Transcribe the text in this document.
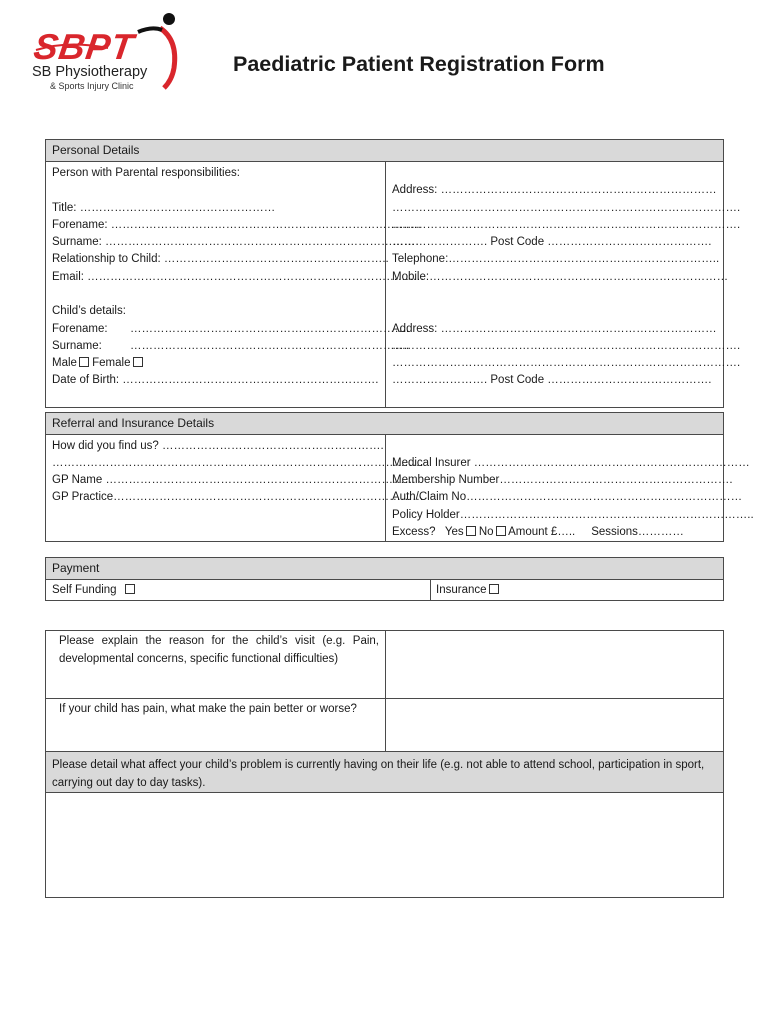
SBPT
SB Physiotherapy
& Sports Injury Clinic
Paediatric Patient Registration Form
Personal Details
Person with Parental responsibilities:
Title: ……………………………………………
Forename: ………………………………………………………………………
Surname: ……………………………………………………………………….
Relationship to Child: …………………………………………………..
Email: …………………………………………………………………………….
Address: ………………………………………………………………
……………………………………………………………………………….
……………………………………………………………………………….
……………………. Post Code …………………………………….
Telephone:……………………………………………………………..
Mobile:……………………………………………………………………
Child’s details:
Forename: ……………………………………………………………….
Surname: ……………………………………………………………….
Male Female
Date of Birth: ………………………………………………………….
Address: ………………………………………………………………
……………………………………………………………………………….
……………………………………………………………………………….
……………………. Post Code …………………………………….
Referral and Insurance Details
How did you find us? ………………………………………………….
…………………………………………………………………………………….
GP Name ………………………………………………………………………
GP Practice………………………………………………………………………
Medical Insurer ………………………………………………………………
Membership Number…………………………………………………….
Auth/Claim No………………………………………………………………
Policy Holder…………………………………………………………………..
Excess? Yes No Amount £….. Sessions…………
Payment
Self Funding	Insurance
Please explain the reason for the child’s visit (e.g. Pain, developmental concerns, specific functional difficulties)
If your child has pain, what make the pain better or worse?
Please detail what affect your child’s problem is currently having on their life (e.g. not able to attend school, participation in sport, carrying out day to day tasks).
